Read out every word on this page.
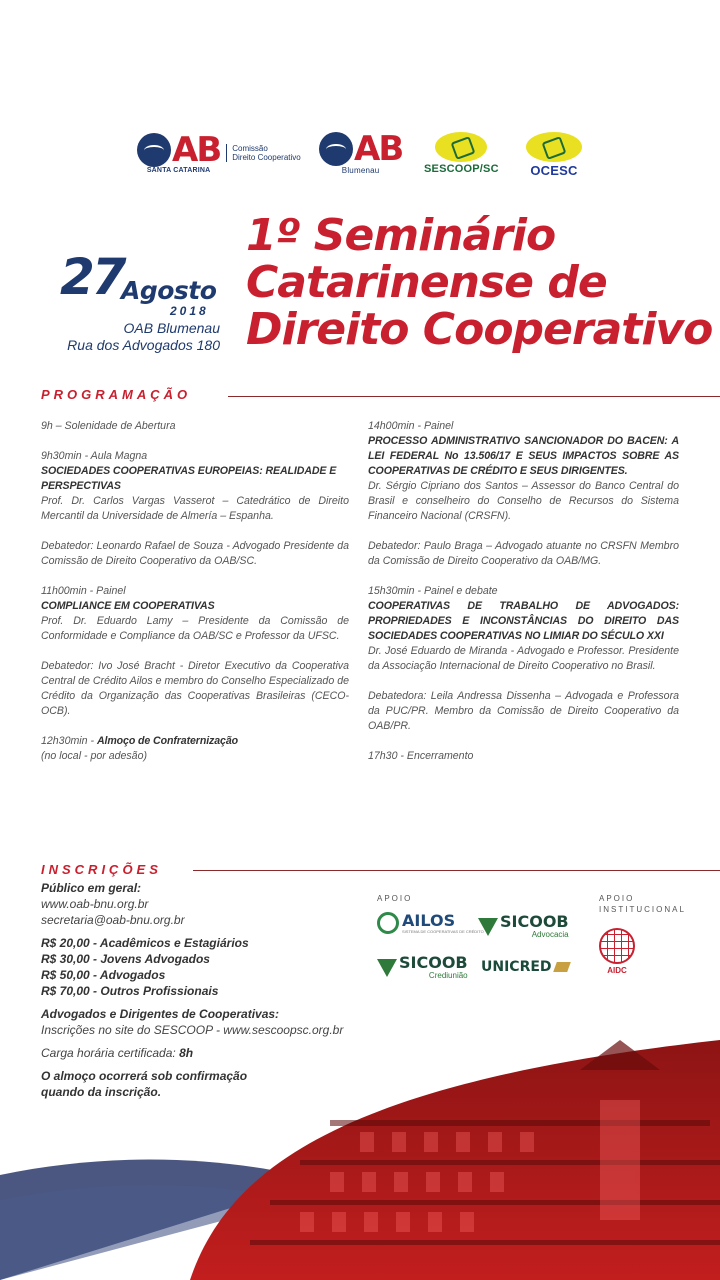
AB
SANTA CATARINA
Comissão
Direito Cooperativo AB
Blumenau	SESCOOP/SC	OCESC
27
Agosto
2018
OAB Blumenau
Rua dos Advogados 180
1º Seminário
Catarinense de
Direito Cooperativo
PROGRAMAÇÃO

9h – Solenidade de Abertura

9h30min - Aula Magna

SOCIEDADES COOPERATIVAS EUROPEIAS: REALIDADE E PERSPECTIVAS

Prof. Dr. Carlos Vargas Vasserot – Catedrático de Direito Mercantil da Universidade de Almería – Espanha.

Debatedor: Leonardo Rafael de Souza - Advogado Presidente da Comissão de Direito Cooperativo da OAB/SC.

11h00min - Painel

COMPLIANCE EM COOPERATIVAS

Prof. Dr. Eduardo Lamy – Presidente da Comissão de Conformidade e Compliance da OAB/SC e Professor da UFSC.

Debatedor: Ivo José Bracht - Diretor Executivo da Cooperativa Central de Crédito Ailos e membro do Conselho Especializado de Crédito da Organização das Cooperativas Brasileiras (CECO-OCB).

12h30min - Almoço de Confraternização

(no local - por adesão)

14h00min - Painel

PROCESSO ADMINISTRATIVO SANCIONADOR DO BACEN: A LEI FEDERAL No 13.506/17 E SEUS IMPACTOS SOBRE AS COOPERATIVAS DE CRÉDITO E SEUS DIRIGENTES.

Dr. Sérgio Cipriano dos Santos – Assessor do Banco Central do Brasil e conselheiro do Conselho de Recursos do Sistema Financeiro Nacional (CRSFN).

Debatedor: Paulo Braga – Advogado atuante no CRSFN Membro da Comissão de Direito Cooperativo da OAB/MG.

15h30min - Painel e debate

COOPERATIVAS DE TRABALHO DE ADVOGADOS: PROPRIEDADES E INCONSTÂNCIAS DO DIREITO DAS SOCIEDADES COOPERATIVAS NO LIMIAR DO SÉCULO XXI

Dr. José Eduardo de Miranda - Advogado e Professor. Presidente da Associação Internacional de Direito Cooperativo no Brasil.

Debatedora: Leila Andressa Dissenha – Advogada e Professora da PUC/PR. Membro da Comissão de Direito Cooperativo da OAB/PR.

17h30 - Encerramento

INSCRIÇÕES
Público em geral:
www.oab-bnu.org.br
secretaria@oab-bnu.org.br
R$ 20,00 - Acadêmicos e Estagiários
R$ 30,00 - Jovens Advogados
R$ 50,00 - Advogados
R$ 70,00 - Outros Profissionais
Advogados e Dirigentes de Cooperativas:
Inscrições no site do SESCOOP - www.sescoopsc.org.br
Carga horária certificada: 8h
O almoço ocorrerá sob confirmação
quando da inscrição.
APOIO	APOIO
INSTITUCIONAL
AILOS
SISTEMA DE COOPERATIVAS DE CRÉDITO SICOOB
Advocacia
SICOOB
Crediunião
UNICRED	AIDC
